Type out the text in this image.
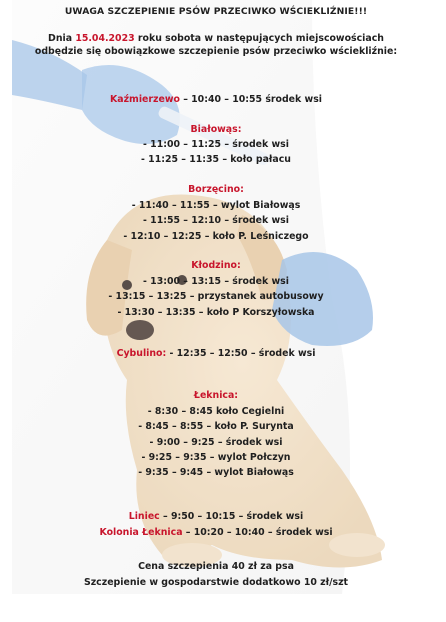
UWAGA SZCZEPIENIE PSÓW PRZECIWKO WŚCIEKLIŹNIE!!!
Dnia 15.04.2023 roku sobota w następujących miejscowościach odbędzie się obowiązkowe szczepienie psów przeciwko wściekliźnie:
Kaźmierzewo – 10:40 – 10:55 środek wsi
Białowąs:
- 11:00 – 11:25 – środek wsi
- 11:25 – 11:35 – koło pałacu
Borzęcino:
- 11:40 – 11:55 – wylot Białowąs
- 11:55 – 12:10 – środek wsi
- 12:10 – 12:25 – koło P. Leśniczego
Kłodzino:
- 13:00 – 13:15 – środek wsi
- 13:15 – 13:25 – przystanek autobusowy
- 13:30 – 13:35 – koło P Korszyłowska
Cybulino: - 12:35 – 12:50 – środek wsi
Łeknica:
- 8:30 – 8:45 koło Cegielni
- 8:45 – 8:55 – koło P. Surynta
- 9:00 – 9:25 – środek wsi
- 9:25 – 9:35 – wylot Połczyn
- 9:35 – 9:45 – wylot Białowąs
Liniec – 9:50 – 10:15 – środek wsi
Kolonia Łeknica – 10:20 – 10:40 – środek wsi
Cena szczepienia 40 zł za psa
Szczepienie w gospodarstwie dodatkowo 10 zł/szt
